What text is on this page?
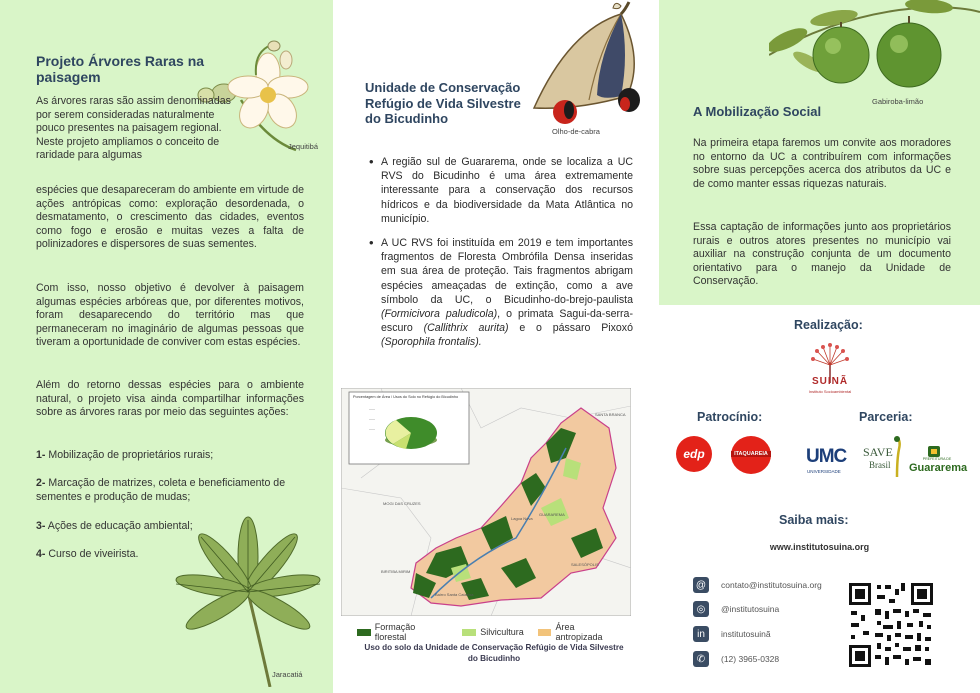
Projeto Árvores Raras na paisagem
Jequitibá
As árvores raras são assim denominadas por serem consideradas naturalmente pouco presentes na paisagem regional. Neste projeto ampliamos o conceito de raridade para algumas
espécies que desapareceram do ambiente em virtude de ações antrópicas como: exploração desordenada, o desmatamento, o crescimento das cidades, eventos como fogo e erosão e muitas vezes a falta de polinizadores e dispersores de suas sementes.
Com isso, nosso objetivo é devolver à paisagem algumas espécies arbóreas que, por diferentes motivos, foram desaparecendo do território mas que permaneceram no imaginário de algumas pessoas que tiveram a oportunidade de conviver com estas espécies.
Além do retorno dessas espécies para o ambiente natural, o projeto visa ainda compartilhar informações sobre as árvores raras por meio das seguintes ações:
1- Mobilização de proprietários rurais;
2- Marcação de matrizes, coleta e beneficiamento de sementes e produção de mudas;
3- Ações de educação ambiental;
4- Curso de viveirista.
Jaracatiá
Unidade de Conservação Refúgio de Vida Silvestre do Bicudinho
Olho-de-cabra
• A região sul de Guararema, onde se localiza a UC RVS do Bicudinho é uma área extremamente interessante para a conservação dos recursos hídricos e da biodiversidade da Mata Atlântica no município.
• A UC RVS foi instituída em 2019 e tem importantes fragmentos de Floresta Ombrófila Densa inseridas em sua área de proteção. Tais fragmentos abrigam espécies ameaçadas de extinção, como a ave símbolo da UC, o Bicudinho-do-brejo-paulista (Formicivora paludicola), o primata Sagui-da-serra-escuro (Callithrix aurita) e o pássaro Pixoxó (Sporophila frontalis).
Porcentagem de Área / Usos do Solo no Refúgio do Bicudinho
——
——
——
SANTA BRANCA
MOGI DAS CRUZES
GUARAREMA
BIRITIBA MIRIM
SALESÓPOLIS
Lagoa Nova
Bairro Santa Catarina
Formação florestal	Silvicultura	Área antropizada
Uso do solo da Unidade de Conservação Refúgio de Vida Silvestre do Bicudinho
Gabiroba-limão
A Mobilização Social
Na primeira etapa faremos um convite aos moradores no entorno da UC a contribuírem com informações sobre suas percepções acerca dos atributos da UC e de como manter essas riquezas naturais.
Essa captação de informações junto aos proprietários rurais e outros atores presentes no município vai auxiliar na construção conjunta de um documento orientativo para o manejo da Unidade de Conservação.
Realização:
SUINÃ
Instituto Socioambiental
Patrocínio:	Parceria:
edp	ITAQUAREIA UMC
UNIVERSIDADE
SAVE
Brasil
PREFEITURA DE
Guararema
Saiba mais:
www.institutosuina.org
@	contato@institutosuina.org
◎	@institutosuina
in	institutosuinã
✆	(12) 3965-0328
